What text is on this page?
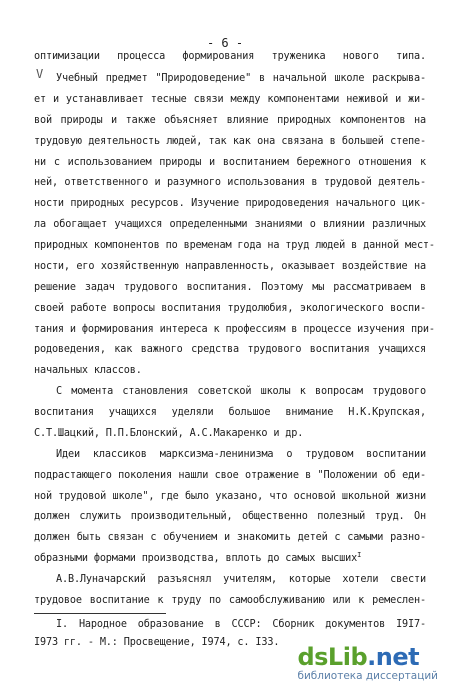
- 6 -
V
оптимизации процесса формирования труженика нового типа.
Учебный предмет "Природоведение" в начальной школе раскрыва-
ет и устанавливает тесные связи между компонентами неживой и жи-
вой природы и также объясняет влияние природных компонентов на
трудовую деятельность людей, так как она связана в большей степе-
ни с использованием природы и воспитанием бережного отношения к
ней, ответственного и разумного использования в трудовой деятель-
ности природных ресурсов. Изучение природоведения начального цик-
ла обогащает учащихся определенными знаниями о влиянии различных
природных компонентов по временам года на труд людей в данной мест-
ности, его хозяйственную направленность, оказывает воздействие на
решение задач трудового воспитания. Поэтому мы рассматриваем в
своей работе вопросы воспитания трудолюбия, экологического воспи-
тания и формирования интереса к профессиям в процессе изучения при-
родоведения, как важного средства трудового воспитания учащихся
начальных классов.
С момента становления советской школы к вопросам трудового
воспитания учащихся уделяли большое внимание Н.К.Крупская,
С.Т.Шацкий, П.П.Блонский, А.С.Макаренко и др.
Идеи классиков марксизма-ленинизма о трудовом воспитании
подрастающего поколения нашли свое отражение в "Положении об еди-
ной трудовой школе", где было указано, что основой школьной жизни
должен служить производительный, общественно полезный труд. Он
должен быть связан с обучением и знакомить детей с самыми разно-
образными формами производства, вплоть до самых высших$^I$
А.В.Луначарский разъяснял учителям, которые хотели свести
трудовое воспитание к труду по самообслуживанию или к ремеслен-
I. Народное образование в СССР: Сборник документов I9I7-
I973 гг. - М.: Просвещение, I974, с. I33.
dsLib.net
библиотека диссертаций
